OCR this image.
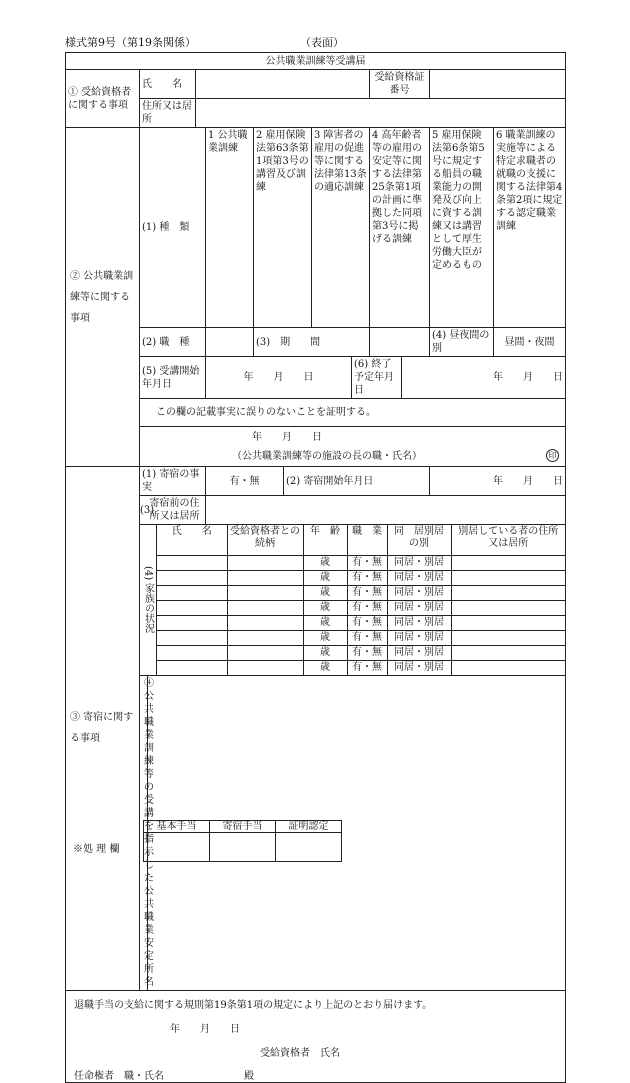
様式第9号（第19条関係）	（表面）
公共職業訓練等受講届
① 受給資格者に関する事項	氏　　名		受給資格証番号	
住所又は居所	
② 公共職業訓練等に関する事項	(1) 種　類	1 公共職業訓練	2 雇用保険法第63条第1項第3号の講習及び訓練	3 障害者の雇用の促進等に関する法律第13条の適応訓練	4 高年齢者等の雇用の安定等に関する法律第25条第1項の計画に準拠した同項第3号に掲げる訓練	5 雇用保険法第6条第5号に規定する船員の職業能力の開発及び向上に資する訓練又は講習として厚生労働大臣が定めるもの	6 職業訓練の実施等による特定求職者の就職の支援に関する法律第4条第2項に規定する認定職業訓練
(2) 職　種		(3)　期　　間		(4) 昼夜間の別	昼間・夜間
(5) 受講開始年月日	年　　月　　日	(6) 終了予定年月日	年　　月　　日
この欄の記載事実に誤りのないことを証明する。

年　　月　　日
（公共職業訓練等の施設の長の職・氏名）	印

③ 寄宿に関する事項	(1) 寄宿の事実	有・無	(2) 寄宿開始年月日	年　　月　　日
(3)	寄宿前の住所又は居所	

(4) 家族の状況
氏　　名	受給資格者との続柄	年　齢	職　業	同　居別居の別	別居している者の住所又は居所
		歳	有・無	同居・別居	
		歳	有・無	同居・別居	
		歳	有・無	同居・別居	
		歳	有・無	同居・別居	
		歳	有・無	同居・別居	
		歳	有・無	同居・別居	
		歳	有・無	同居・別居	
		歳	有・無	同居・別居	

④ 公共職業訓練等の受講を指示した公共職業安定所名	

退職手当の支給に関する規則第19条第1項の規定により上記のとおり届けます。
年　　月　　日
受給資格者　氏名
任命権者　職・氏名	殿
※処 理 欄
基本手当	寄宿手当	証明認定
